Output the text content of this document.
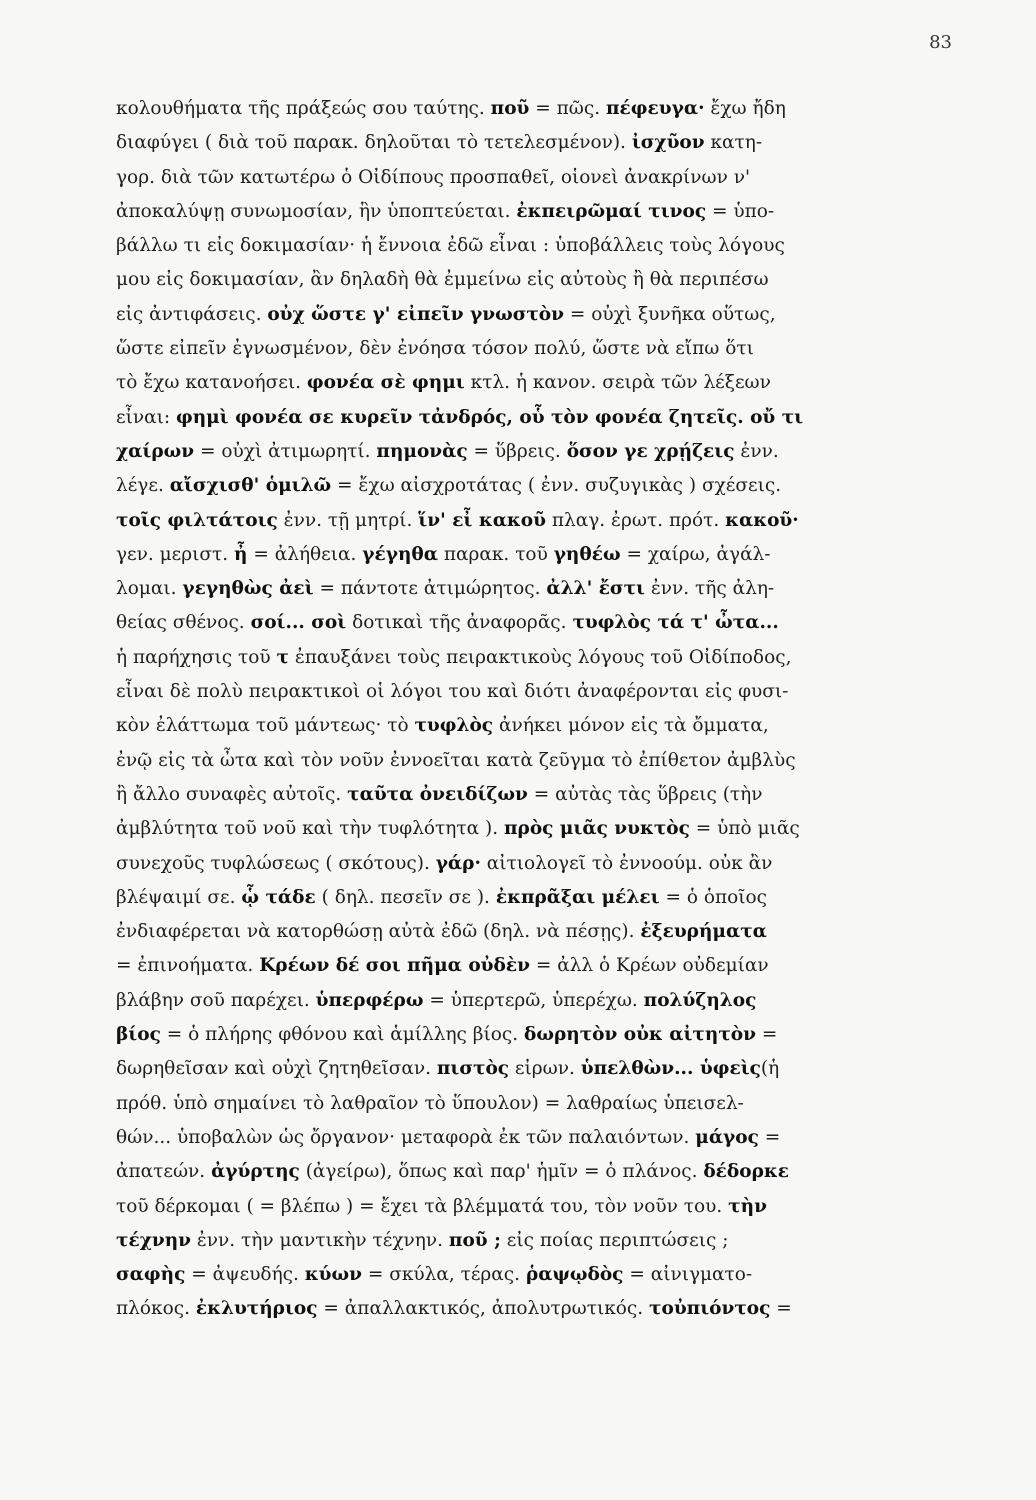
83
κολουθήματα τῆς πράξεώς σου ταύτης. ποῦ = πῶς. πέφευγα· ἔχω ἤδη
διαφύγει ( διὰ τοῦ παρακ. δηλοῦται τὸ τετελεσμένον). ἰσχῦον κατη-
γορ. διὰ τῶν κατωτέρω ὁ Οἰδίπους προσπαθεῖ, οἱονεὶ ἀνακρίνων ν'
ἀποκαλύψῃ συνωμοσίαν, ἣν ὑποπτεύεται. ἐκπειρῶμαί τινος = ὑπο-
βάλλω τι εἰς δοκιμασίαν· ἡ ἔννοια ἐδῶ εἶναι : ὑποβάλλεις τοὺς λόγους
μου εἰς δοκιμασίαν, ἂν δηλαδὴ θὰ ἐμμείνω εἰς αὐτοὺς ἢ θὰ περιπέσω
εἰς ἀντιφάσεις. οὐχ ὥστε γ' εἰπεῖν γνωστὸν = οὐχὶ ξυνῆκα οὕτως,
ὥστε εἰπεῖν ἐγνωσμένον, δὲν ἐνόησα τόσον πολύ, ὥστε νὰ εἴπω ὅτι
τὸ ἔχω κατανοήσει. φονέα σὲ φημι κτλ. ἡ κανον. σειρὰ τῶν λέξεων
εἶναι: φημὶ φονέα σε κυρεῖν τἀνδρός, οὗ τὸν φονέα ζητεῖς. οὔ τι
χαίρων = οὐχὶ ἀτιμωρητί. πημονὰς = ὕβρεις. ὅσον γε χρῄζεις ἐνν.
λέγε. αἴσχισθ' ὁμιλῶ = ἔχω αἰσχροτάτας ( ἐνν. συζυγικὰς ) σχέσεις.
τοῖς φιλτάτοις ἐνν. τῇ μητρί. ἵν' εἶ κακοῦ πλαγ. ἐρωτ. πρότ. κακοῦ·
γεν. μεριστ. ἦ = ἀλήθεια. γέγηθα παρακ. τοῦ γηθέω = χαίρω, ἀγάλ-
λομαι. γεγηθὼς ἀεὶ = πάντοτε ἀτιμώρητος. ἀλλ' ἔστι ἐνν. τῆς ἀλη-
θείας σθένος. σοί... σοὶ δοτικαὶ τῆς ἀναφορᾶς. τυφλὸς τά τ' ὦτα...
ἡ παρήχησις τοῦ τ ἐπαυξάνει τοὺς πειρακτικοὺς λόγους τοῦ Οἰδίποδος,
εἶναι δὲ πολὺ πειρακτικοὶ οἱ λόγοι του καὶ διότι ἀναφέρονται εἰς φυσι-
κὸν ἐλάττωμα τοῦ μάντεως· τὸ τυφλὸς ἀνήκει μόνον εἰς τὰ ὄμματα,
ἐνῷ εἰς τὰ ὦτα καὶ τὸν νοῦν ἐννοεῖται κατὰ ζεῦγμα τὸ ἐπίθετον ἀμβλὺς
ἢ ἄλλο συναφὲς αὐτοῖς. ταῦτα ὀνειδίζων = αὐτὰς τὰς ὕβρεις (τὴν
ἀμβλύτητα τοῦ νοῦ καὶ τὴν τυφλότητα ). πρὸς μιᾶς νυκτὸς = ὑπὸ μιᾶς
συνεχοῦς τυφλώσεως ( σκότους). γάρ· αἰτιολογεῖ τὸ ἐννοούμ. οὐκ ἂν
βλέψαιμί σε. ᾧ τάδε ( δηλ. πεσεῖν σε ). ἐκπρᾶξαι μέλει = ὁ ὁποῖος
ἐνδιαφέρεται νὰ κατορθώσῃ αὐτὰ ἐδῶ (δηλ. νὰ πέσῃς). ἐξευρήματα
= ἐπινοήματα. Κρέων δέ σοι πῆμα οὐδὲν = ἀλλ ὁ Κρέων οὐδεμίαν
βλάβην σοῦ παρέχει. ὑπερφέρω = ὑπερτερῶ, ὑπερέχω. πολύζηλος
βίος = ὁ πλήρης φθόνου καὶ ἁμίλλης βίος. δωρητὸν οὐκ αἰτητὸν =
δωρηθεῖσαν καὶ οὐχὶ ζητηθεῖσαν. πιστὸς εἰρων. ὑπελθὼν... ὑφεὶς(ἡ
πρόθ. ὑπὸ σημαίνει τὸ λαθραῖον τὸ ὕπουλον) = λαθραίως ὑπεισελ-
θών... ὑποβαλὼν ὡς ὄργανον· μεταφορὰ ἐκ τῶν παλαιόντων. μάγος =
ἀπατεών. ἀγύρτης (ἀγείρω), ὅπως καὶ παρ' ἡμῖν = ὁ πλάνος. δέδορκε
τοῦ δέρκομαι ( = βλέπω ) = ἔχει τὰ βλέμματά του, τὸν νοῦν του. τὴν
τέχνην ἐνν. τὴν μαντικὴν τέχνην. ποῦ ; εἰς ποίας περιπτώσεις ;
σαφὴς = ἀψευδής. κύων = σκύλα, τέρας. ῥαψῳδὸς = αἰνιγματο-
πλόκος. ἐκλυτήριος = ἀπαλλακτικός, ἀπολυτρωτικός. τοὐπιόντος =
